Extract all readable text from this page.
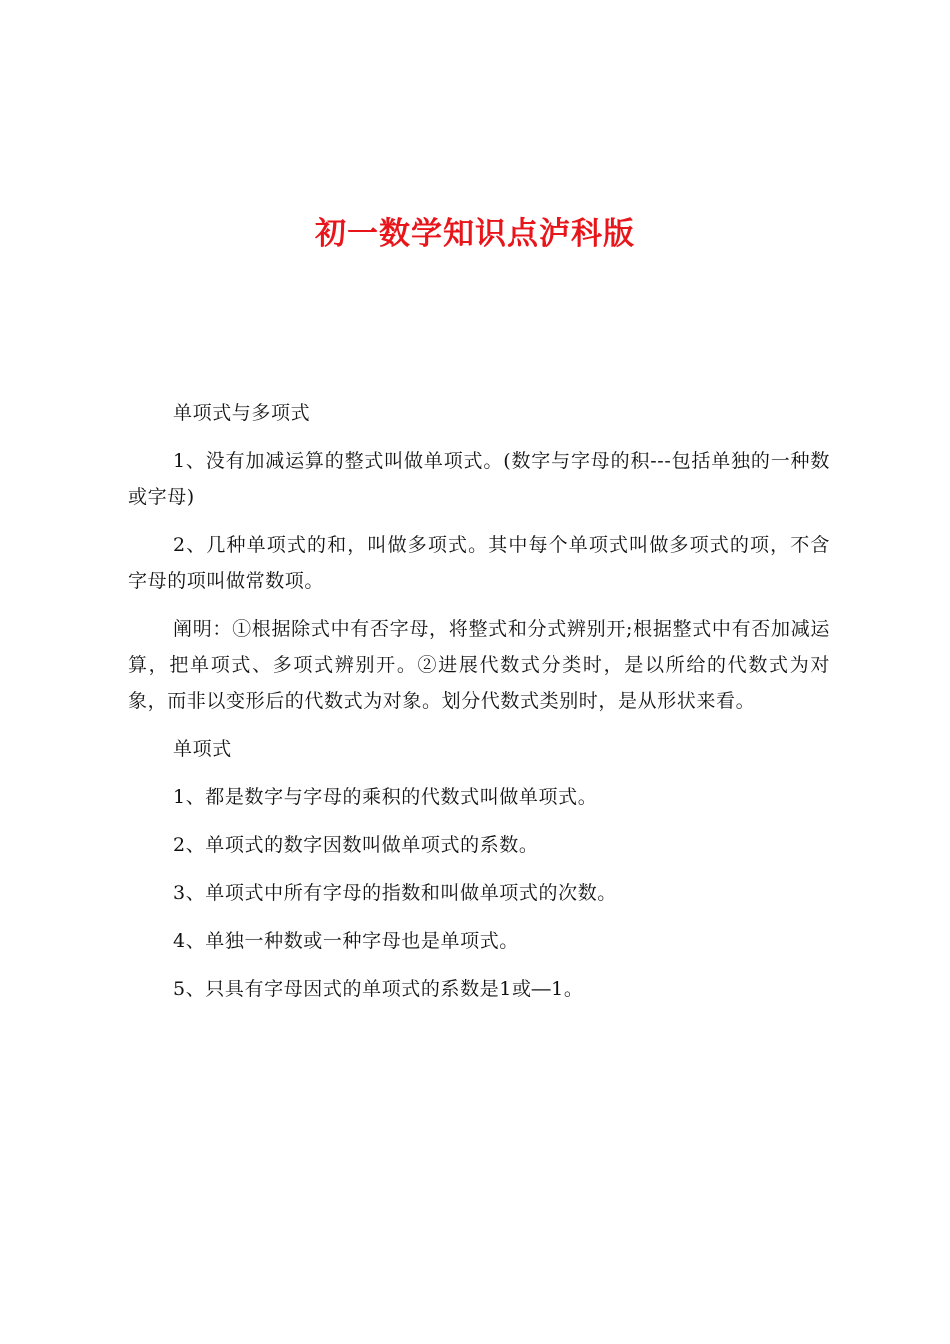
初一数学知识点泸科版

单项式与多项式

1、没有加减运算的整式叫做单项式。(数字与字母的积---包括单独的一种数或字母)

2、几种单项式的和，叫做多项式。其中每个单项式叫做多项式的项，不含字母的项叫做常数项。

阐明：①根据除式中有否字母，将整式和分式辨别开;根据整式中有否加减运算，把单项式、多项式辨别开。②进展代数式分类时，是以所给的代数式为对象，而非以变形后的代数式为对象。划分代数式类别时，是从形状来看。

单项式

1、都是数字与字母的乘积的代数式叫做单项式。

2、单项式的数字因数叫做单项式的系数。

3、单项式中所有字母的指数和叫做单项式的次数。

4、单独一种数或一种字母也是单项式。

5、只具有字母因式的单项式的系数是1或―1。
